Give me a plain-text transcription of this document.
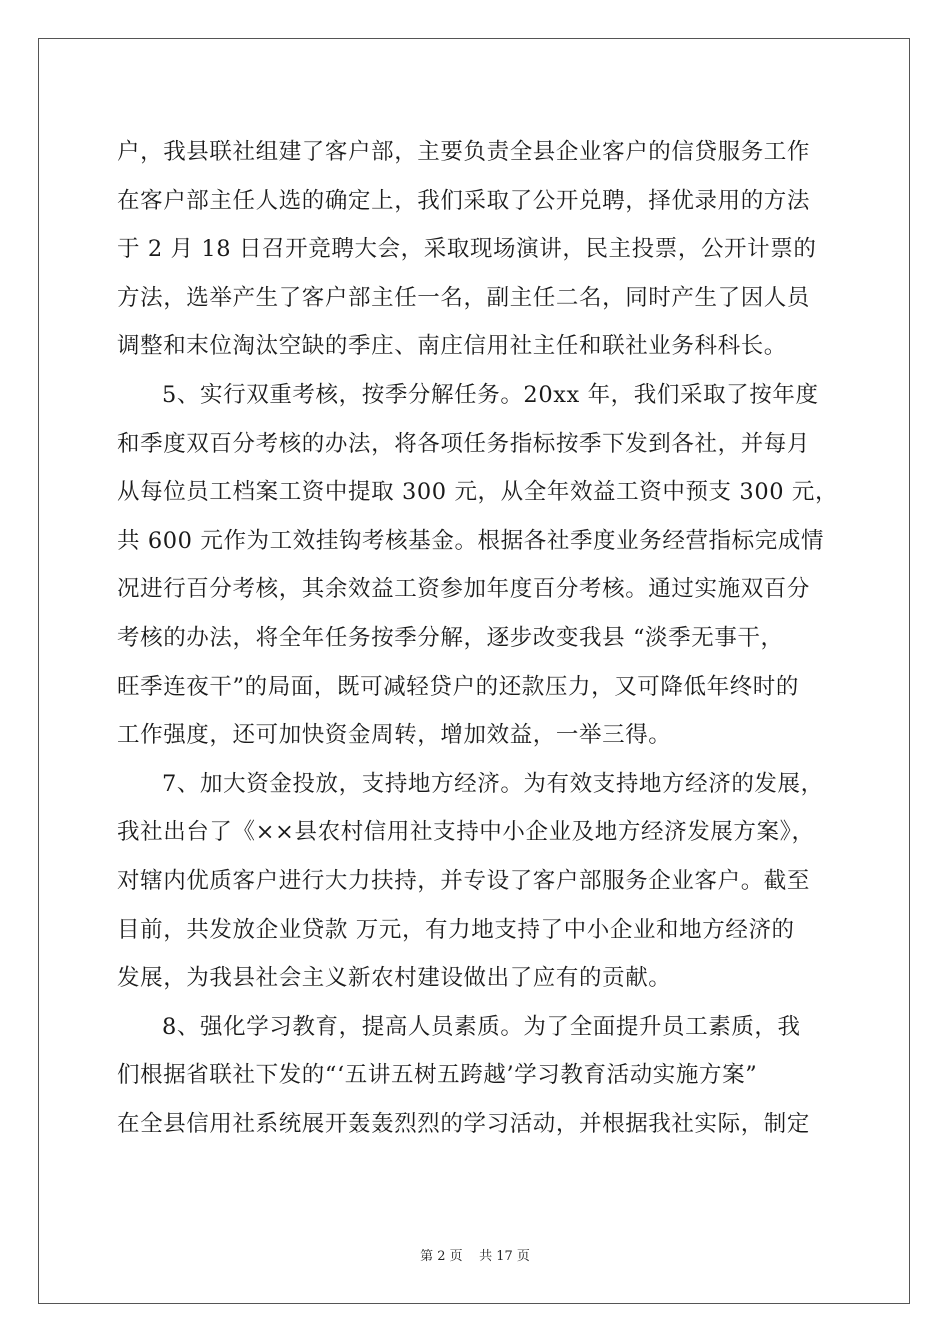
户，我县联社组建了客户部，主要负责全县企业客户的信贷服务工作
在客户部主任人选的确定上，我们采取了公开兑聘，择优录用的方法
于 2 月 18 日召开竞聘大会，采取现场演讲，民主投票，公开计票的
方法，选举产生了客户部主任一名，副主任二名，同时产生了因人员
调整和末位淘汰空缺的季庄、南庄信用社主任和联社业务科科长。
5、实行双重考核，按季分解任务。20xx 年，我们采取了按年度
和季度双百分考核的办法，将各项任务指标按季下发到各社，并每月
从每位员工档案工资中提取 300 元，从全年效益工资中预支 300 元，
共 600 元作为工效挂钩考核基金。根据各社季度业务经营指标完成情
况进行百分考核，其余效益工资参加年度百分考核。通过实施双百分
考核的办法，将全年任务按季分解，逐步改变我县 “淡季无事干，
旺季连夜干”的局面，既可减轻贷户的还款压力，又可降低年终时的
工作强度，还可加快资金周转，增加效益，一举三得。
7、加大资金投放，支持地方经济。为有效支持地方经济的发展，
我社出台了《××县农村信用社支持中小企业及地方经济发展方案》，
对辖内优质客户进行大力扶持，并专设了客户部服务企业客户。截至
目前，共发放企业贷款 万元，有力地支持了中小企业和地方经济的
发展，为我县社会主义新农村建设做出了应有的贡献。
8、强化学习教育，提高人员素质。为了全面提升员工素质，我
们根据省联社下发的“‘五讲五树五跨越’学习教育活动实施方案”
在全县信用社系统展开轰轰烈烈的学习活动，并根据我社实际，制定
第 2 页    共 17 页
